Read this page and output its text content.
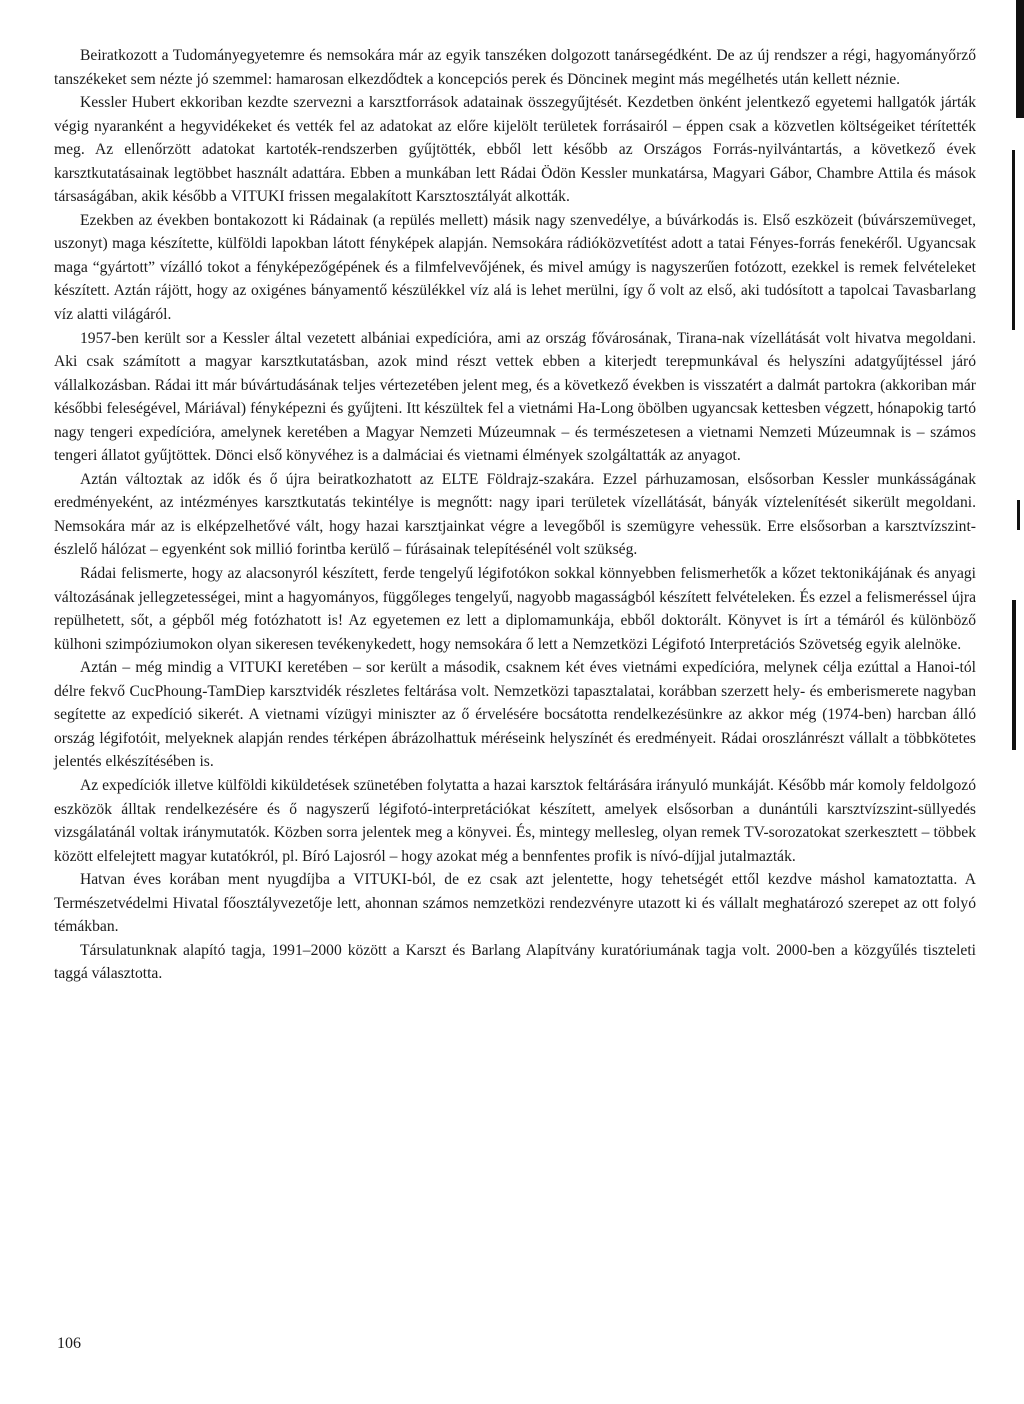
Beiratkozott a Tudományegyetemre és nemsokára már az egyik tanszéken dolgozott tanársegédként. De az új rendszer a régi, hagyományőrző tanszékeket sem nézte jó szemmel: hamarosan elkezdődtek a koncepciós perek és Döncinek megint más megélhetés után kellett néznie.

Kessler Hubert ekkoriban kezdte szervezni a karsztforrások adatainak összegyűjtését. Kezdetben önként jelentkező egyetemi hallgatók járták végig nyaranként a hegyvidékeket és vették fel az adatokat az előre kijelölt területek forrásairól – éppen csak a közvetlen költségeiket térítették meg. Az ellenőrzött adatokat kartoték-rendszerben gyűjtötték, ebből lett később az Országos Forrás-nyilvántartás, a következő évek karsztkutatásainak legtöbbet használt adattára. Ebben a munkában lett Rádai Ödön Kessler munkatársa, Magyari Gábor, Chambre Attila és mások társaságában, akik később a VITUKI frissen megalakított Karsztosztályát alkották.

Ezekben az években bontakozott ki Rádainak (a repülés mellett) másik nagy szenvedélye, a búvárkodás is. Első eszközeit (búvárszemüveget, uszonyt) maga készítette, külföldi lapokban látott fényképek alapján. Nemsokára rádióközvetítést adott a tatai Fényes-forrás fenekéről. Ugyancsak maga “gyártott” vízálló tokot a fényképezőgépének és a filmfelvevőjének, és mivel amúgy is nagyszerűen fotózott, ezekkel is remek felvételeket készített. Aztán rájött, hogy az oxigénes bányamentő készülékkel víz alá is lehet merülni, így ő volt az első, aki tudósított a tapolcai Tavasbarlang víz alatti világáról.

1957-ben került sor a Kessler által vezetett albániai expedícióra, ami az ország fővárosának, Tirana-nak vízellátását volt hivatva megoldani. Aki csak számított a magyar karsztkutatásban, azok mind részt vettek ebben a kiterjedt terepmunkával és helyszíni adatgyűjtéssel járó vállalkozásban. Rádai itt már búvártudásának teljes vértezetében jelent meg, és a következő években is visszatért a dalmát partokra (akkoriban már későbbi feleségével, Máriával) fényképezni és gyűjteni. Itt készültek fel a vietnámi Ha-Long öbölben ugyancsak kettesben végzett, hónapokig tartó nagy tengeri expedícióra, amelynek keretében a Magyar Nemzeti Múzeumnak – és természetesen a vietnami Nemzeti Múzeumnak is – számos tengeri állatot gyűjtöttek. Dönci első könyvéhez is a dalmáciai és vietnami élmények szolgáltatták az anyagot.

Aztán változtak az idők és ő újra beiratkozhatott az ELTE Földrajz-szakára. Ezzel párhuzamosan, elsősorban Kessler munkásságának eredményeként, az intézményes karsztkutatás tekintélye is megnőtt: nagy ipari területek vízellátását, bányák víztelenítését sikerült megoldani. Nemsokára már az is elképzelhetővé vált, hogy hazai karsztjainkat végre a levegőből is szemügyre vehessük. Erre elsősorban a karsztvízszint-észlelő hálózat – egyenként sok millió forintba kerülő – fúrásainak telepítésénél volt szükség.

Rádai felismerte, hogy az alacsonyról készített, ferde tengelyű légifotókon sokkal könnyebben felismerhetők a kőzet tektonikájának és anyagi változásának jellegzetességei, mint a hagyományos, függőleges tengelyű, nagyobb magasságból készített felvételeken. És ezzel a felismeréssel újra repülhetett, sőt, a gépből még fotózhatott is! Az egyetemen ez lett a diplomamunkája, ebből doktorált. Könyvet is írt a témáról és különböző külhoni szimpóziumokon olyan sikeresen tevékenykedett, hogy nemsokára ő lett a Nemzetközi Légifotó Interpretációs Szövetség egyik alelnöke.

Aztán – még mindig a VITUKI keretében – sor került a második, csaknem két éves vietnámi expedícióra, melynek célja ezúttal a Hanoi-tól délre fekvő CucPhoung-TamDiep karsztvidék részletes feltárása volt. Nemzetközi tapasztalatai, korábban szerzett hely- és emberismerete nagyban segítette az expedíció sikerét. A vietnami vízügyi miniszter az ő érvelésére bocsátotta rendelkezésünkre az akkor még (1974-ben) harcban álló ország légifotóit, melyeknek alapján rendes térképen ábrázolhattuk méréseink helyszínét és eredményeit. Rádai oroszlánrészt vállalt a többkötetes jelentés elkészítésében is.

Az expedíciók illetve külföldi kiküldetések szünetében folytatta a hazai karsztok feltárására irányuló munkáját. Később már komoly feldolgozó eszközök álltak rendelkezésére és ő nagyszerű légifotó-interpretációkat készített, amelyek elsősorban a dunántúli karsztvízszint-süllyedés vizsgálatánál voltak iránymutatók. Közben sorra jelentek meg a könyvei. És, mintegy mellesleg, olyan remek TV-sorozatokat szerkesztett – többek között elfelejtett magyar kutatókról, pl. Bíró Lajosról – hogy azokat még a bennfentes profik is nívó-díjjal jutalmazták.

Hatvan éves korában ment nyugdíjba a VITUKI-ból, de ez csak azt jelentette, hogy tehetségét ettől kezdve máshol kamatoztatta. A Természetvédelmi Hivatal főosztályvezetője lett, ahonnan számos nemzetközi rendezvényre utazott ki és vállalt meghatározó szerepet az ott folyó témákban.

Társulatunknak alapító tagja, 1991–2000 között a Karszt és Barlang Alapítvány kuratóriumának tagja volt. 2000-ben a közgyűlés tiszteleti taggá választotta.

106
